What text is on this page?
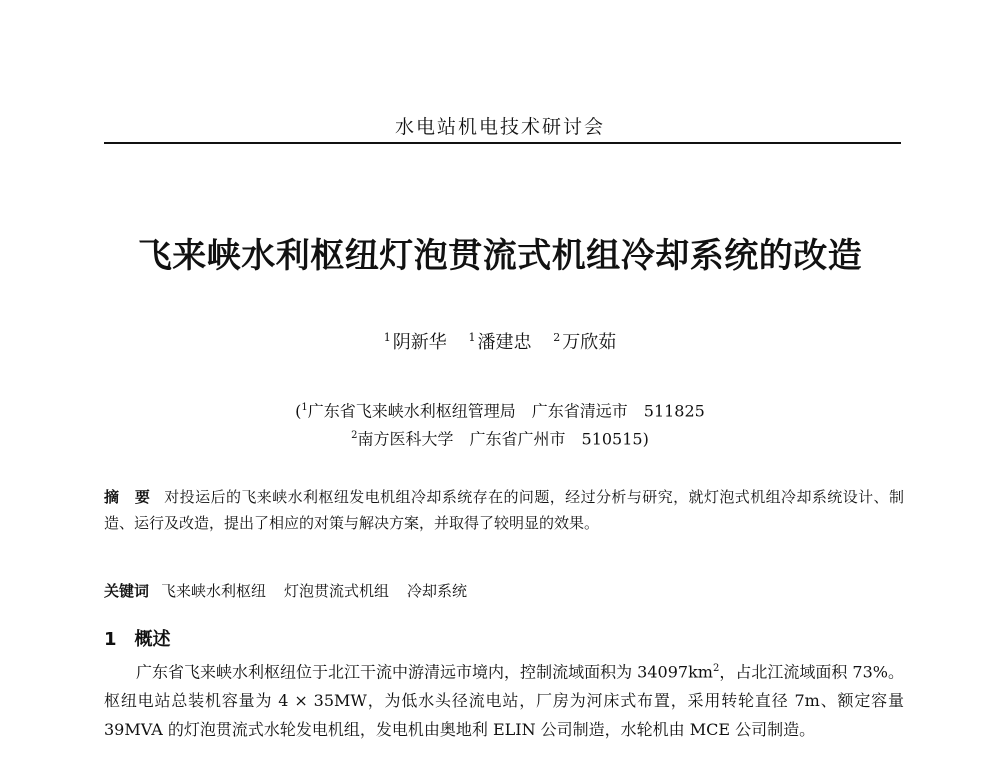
水电站机电技术研讨会
飞来峡水利枢纽灯泡贯流式机组冷却系统的改造
$^1$ 阴新华 $^1$ 潘建忠 $^2$ 万欣茹
($^1$广东省飞来峡水利枢纽管理局　广东省清远市　511825
$^2$南方医科大学　广东省广州市　510515)
摘　要 对投运后的飞来峡水利枢纽发电机组冷却系统存在的问题，经过分析与研究，就灯泡式机组冷却系统设计、制造、运行及改造，提出了相应的对策与解决方案，并取得了较明显的效果。
关键词 飞来峡水利枢纽 灯泡贯流式机组 冷却系统
1 概述
广东省飞来峡水利枢纽位于北江干流中游清远市境内，控制流域面积为 $34097km^2$，占北江流域面积 73%。枢纽电站总装机容量为 4 × 35MW，为低水头径流电站，厂房为河床式布置，采用转轮直径 7m、额定容量 39MVA 的灯泡贯流式水轮发电机组，发电机由奥地利 ELIN 公司制造，水轮机由 MCE 公司制造。
